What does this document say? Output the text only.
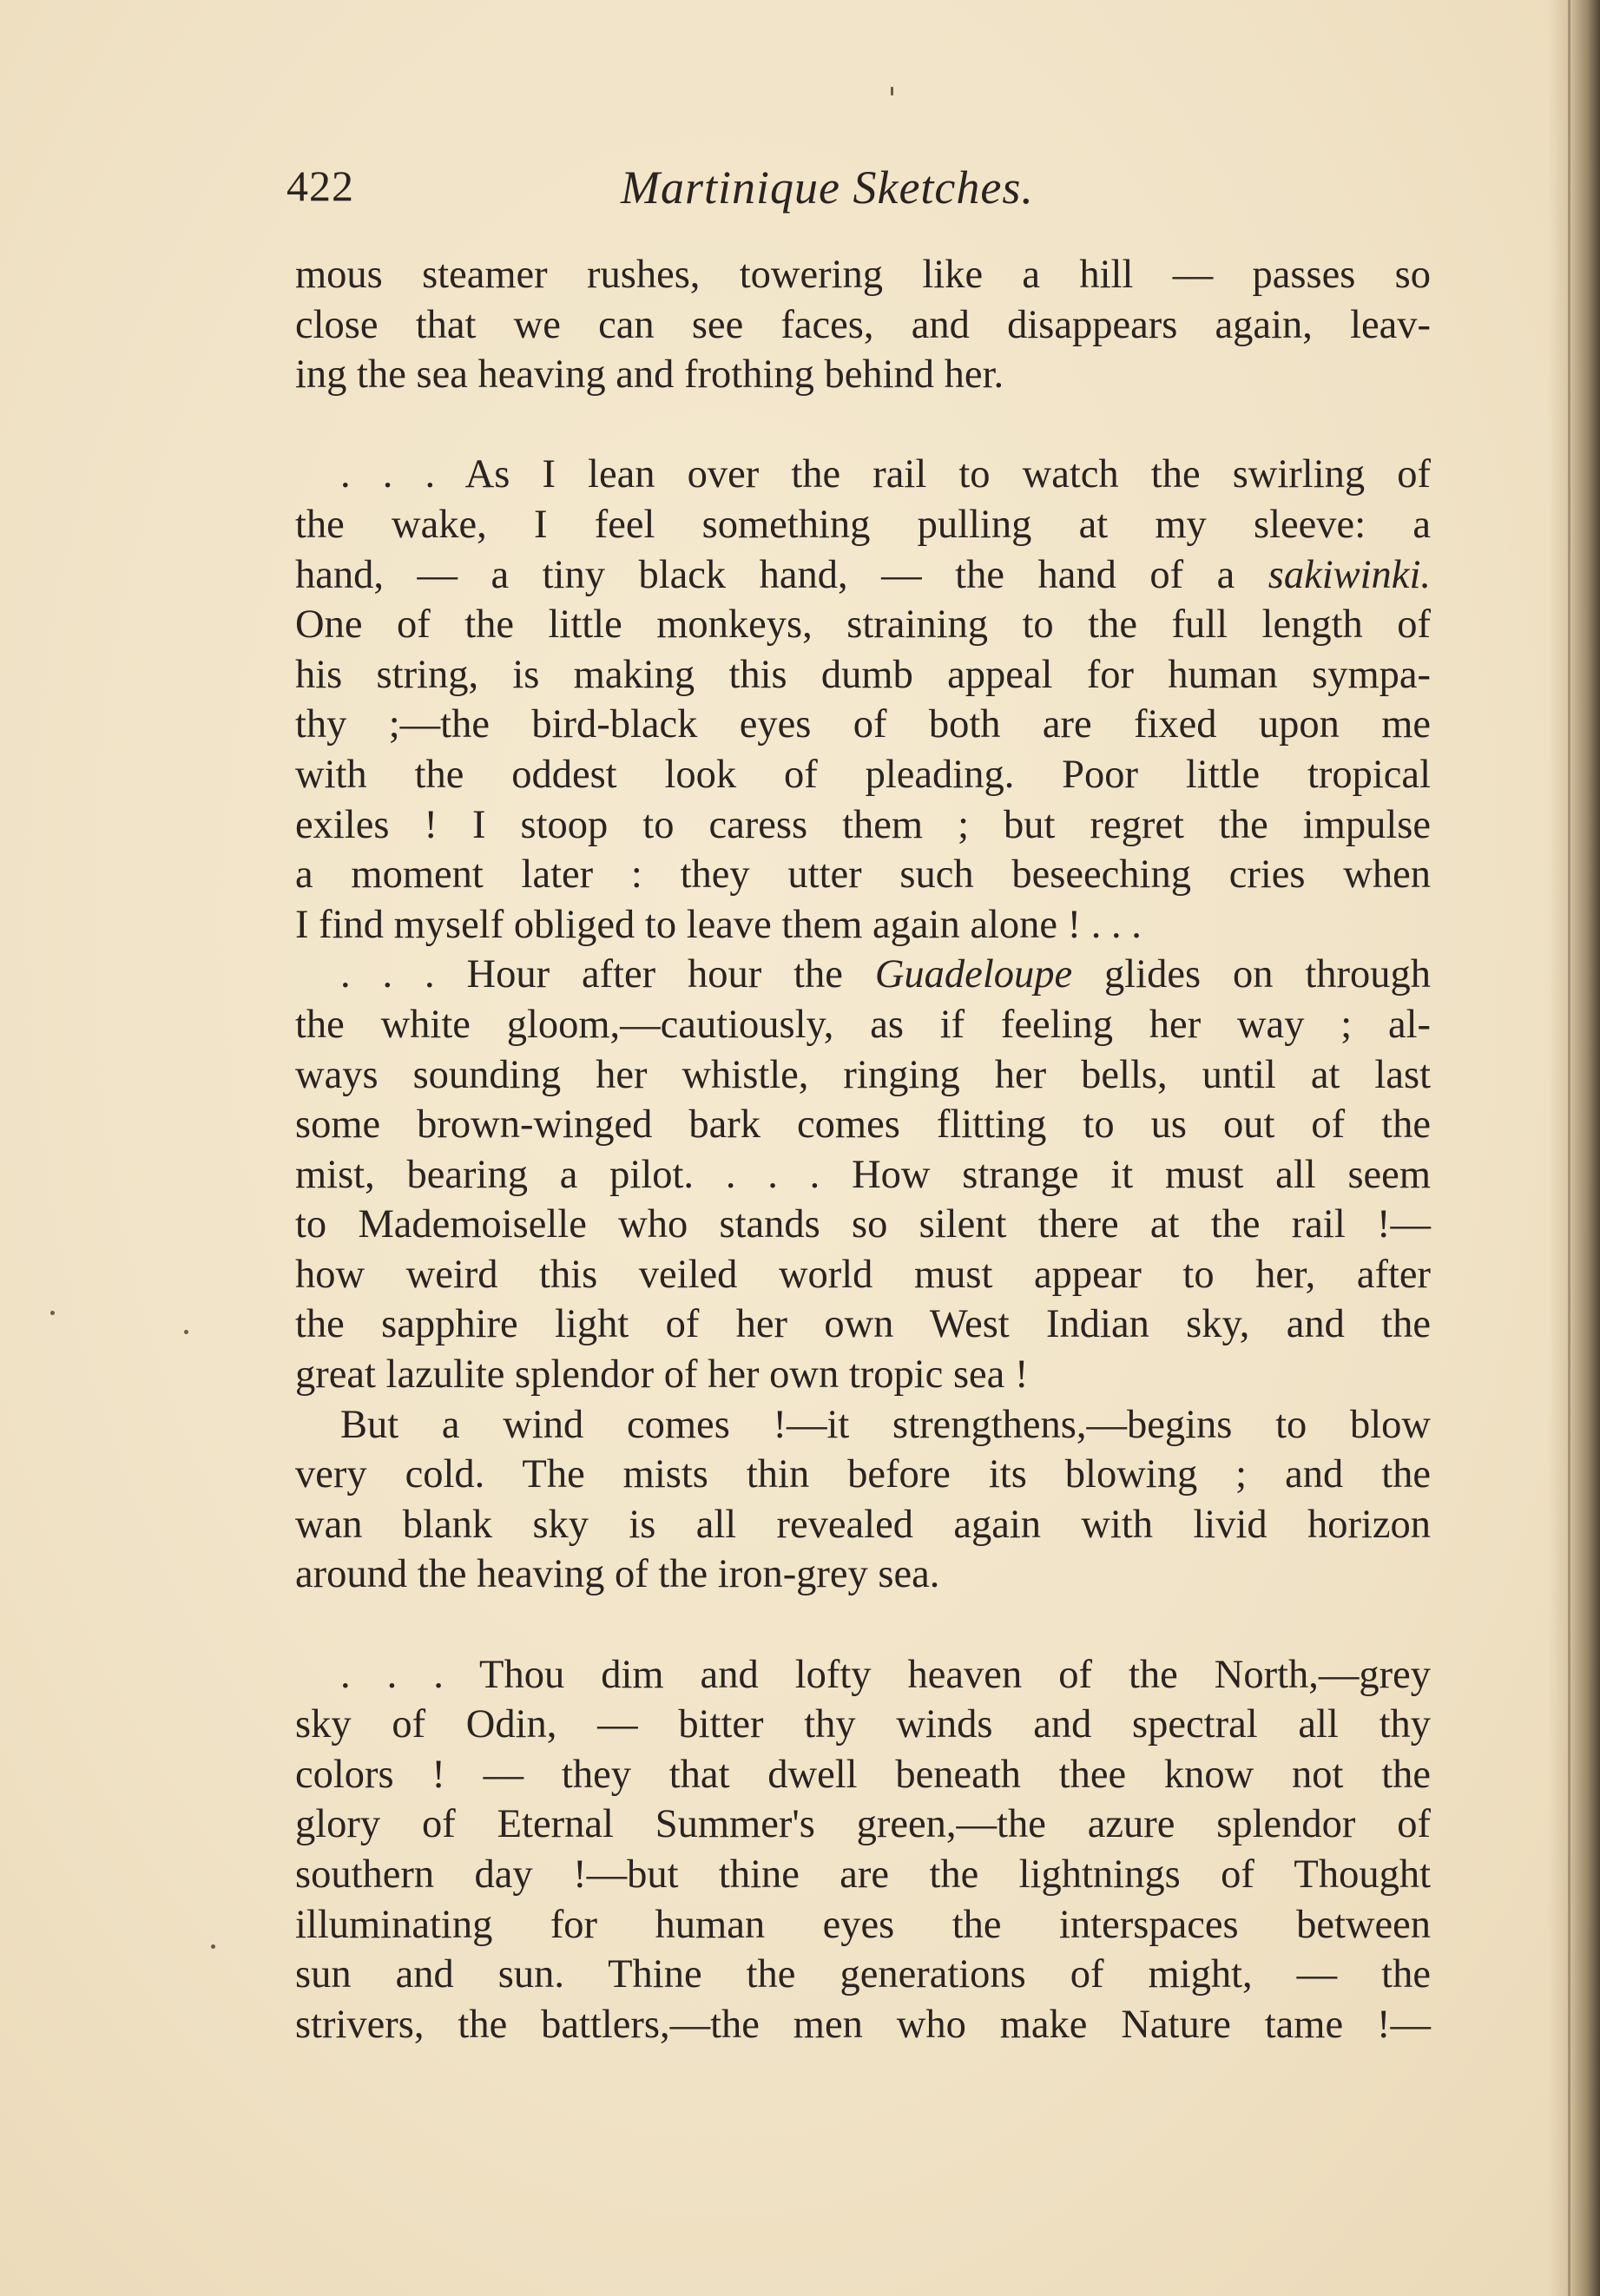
422	Martinique Sketches.
mous steamer rushes, towering like a hill — passes so
close that we can see faces, and disappears again, leav-
ing the sea heaving and frothing behind her.
. . . As I lean over the rail to watch the swirling of
the wake, I feel something pulling at my sleeve: a
hand, — a tiny black hand, — the hand of a sakiwinki.
One of the little monkeys, straining to the full length of
his string, is making this dumb appeal for human sympa-
thy ;—the bird-black eyes of both are fixed upon me
with the oddest look of pleading. Poor little tropical
exiles ! I stoop to caress them ; but regret the impulse
a moment later : they utter such beseeching cries when
I find myself obliged to leave them again alone ! . . .
. . . Hour after hour the Guadeloupe glides on through
the white gloom,—cautiously, as if feeling her way ; al-
ways sounding her whistle, ringing her bells, until at last
some brown-winged bark comes flitting to us out of the
mist, bearing a pilot. . . . How strange it must all seem
to Mademoiselle who stands so silent there at the rail !—
how weird this veiled world must appear to her, after
the sapphire light of her own West Indian sky, and the
great lazulite splendor of her own tropic sea !
But a wind comes !—it strengthens,—begins to blow
very cold. The mists thin before its blowing ; and the
wan blank sky is all revealed again with livid horizon
around the heaving of the iron-grey sea.
. . . Thou dim and lofty heaven of the North,—grey
sky of Odin, — bitter thy winds and spectral all thy
colors ! — they that dwell beneath thee know not the
glory of Eternal Summer's green,—the azure splendor of
southern day !—but thine are the lightnings of Thought
illuminating for human eyes the interspaces between
sun and sun. Thine the generations of might, — the
strivers, the battlers,—the men who make Nature tame !—
